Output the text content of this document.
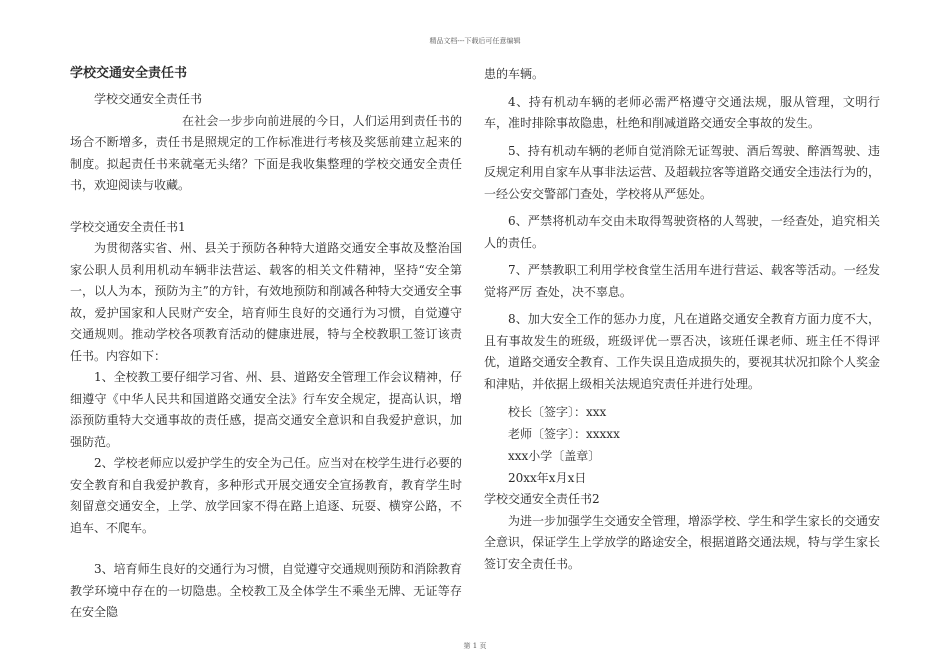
精品文档---下载后可任意编辑

学校交通安全责任书

学校交通安全责任书

在社会一步步向前进展的今日，人们运用到责任书的场合不断增多，责任书是照规定的工作标准进行考核及奖惩前建立起来的制度。拟起责任书来就毫无头绪？下面是我收集整理的学校交通安全责任书，欢迎阅读与收藏。

学校交通安全责任书1

为贯彻落实省、州、县关于预防各种特大道路交通安全事故及整治国家公职人员利用机动车辆非法营运、载客的相关文件精神，坚持“安全第一，以人为本，预防为主”的方针，有效地预防和削减各种特大交通安全事故，爱护国家和人民财产安全，培育师生良好的交通行为习惯，自觉遵守交通规则。推动学校各项教育活动的健康进展，特与全校教职工签订该责任书。内容如下：

1、全校教工要仔细学习省、州、县、道路安全管理工作会议精神，仔细遵守《中华人民共和国道路交通安全法》行车安全规定，提高认识，增添预防重特大交通事故的责任感，提高交通安全意识和自我爱护意识，加强防范。

2、学校老师应以爱护学生的安全为己任。应当对在校学生进行必要的安全教育和自我爱护教育，多种形式开展交通安全宣扬教育，教育学生时刻留意交通安全，上学、放学回家不得在路上追逐、玩耍、横穿公路，不追车、不爬车。

3、培育师生良好的交通行为习惯，自觉遵守交通规则预防和消除教育教学环境中存在的一切隐患。全校教工及全体学生不乘坐无牌、无证等存在安全隐

患的车辆。

4、持有机动车辆的老师必需严格遵守交通法规，服从管理，文明行车，准时排除事故隐患，杜绝和削减道路交通安全事故的发生。

5、持有机动车辆的老师自觉消除无证驾驶、酒后驾驶、醉酒驾驶、违反规定利用自家车从事非法运营、及超载拉客等道路交通安全违法行为的，一经公安交警部门查处，学校将从严惩处。

6、严禁将机动车交由未取得驾驶资格的人驾驶，一经查处，追究相关人的责任。

7、严禁教职工利用学校食堂生活用车进行营运、载客等活动。一经发觉将严厉 查处，决不辜息。

8、加大安全工作的惩办力度，凡在道路交通安全教育方面力度不大，且有事故发生的班级，班级评优一票否决，该班任课老师、班主任不得评优，道路交通安全教育、工作失误且造成损失的，要视其状况扣除个人奖金和津贴，并依据上级相关法规追究责任并进行处理。

校长〔签字〕：xxx

老师〔签字〕：xxxxx

xxx小学〔盖章〕

20xx年x月x日

学校交通安全责任书2

为进一步加强学生交通安全管理，增添学校、学生和学生家长的交通安全意识，保证学生上学放学的路途安全，根据道路交通法规，特与学生家长签订安全责任书。

第 1 页
